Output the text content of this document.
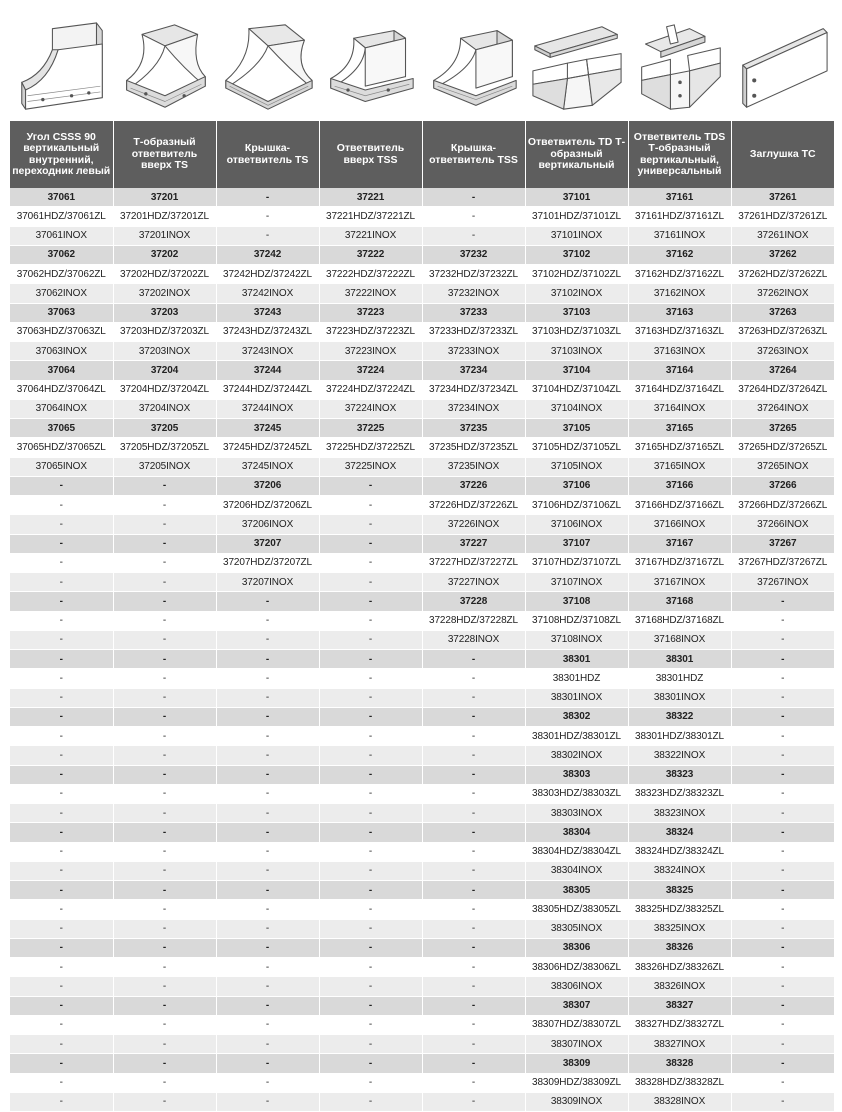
Угол CSSS 90 вертикальный внутренний, переходник левый	Т-образный ответвитель вверх TS	Крышка-ответвитель TS	Ответвитель вверх TSS	Крышка-ответвитель TSS	Ответвитель TD Т-образный вертикальный	Ответвитель TDS Т-образный вертикальный, универсальный	Заглушка TC
37061	37201	-	37221	-	37101	37161	37261
37061HDZ/37061ZL	37201HDZ/37201ZL	-	37221HDZ/37221ZL	-	37101HDZ/37101ZL	37161HDZ/37161ZL	37261HDZ/37261ZL
37061INOX	37201INOX	-	37221INOX	-	37101INOX	37161INOX	37261INOX
37062	37202	37242	37222	37232	37102	37162	37262
37062HDZ/37062ZL	37202HDZ/37202ZL	37242HDZ/37242ZL	37222HDZ/37222ZL	37232HDZ/37232ZL	37102HDZ/37102ZL	37162HDZ/37162ZL	37262HDZ/37262ZL
37062INOX	37202INOX	37242INOX	37222INOX	37232INOX	37102INOX	37162INOX	37262INOX
37063	37203	37243	37223	37233	37103	37163	37263
37063HDZ/37063ZL	37203HDZ/37203ZL	37243HDZ/37243ZL	37223HDZ/37223ZL	37233HDZ/37233ZL	37103HDZ/37103ZL	37163HDZ/37163ZL	37263HDZ/37263ZL
37063INOX	37203INOX	37243INOX	37223INOX	37233INOX	37103INOX	37163INOX	37263INOX
37064	37204	37244	37224	37234	37104	37164	37264
37064HDZ/37064ZL	37204HDZ/37204ZL	37244HDZ/37244ZL	37224HDZ/37224ZL	37234HDZ/37234ZL	37104HDZ/37104ZL	37164HDZ/37164ZL	37264HDZ/37264ZL
37064INOX	37204INOX	37244INOX	37224INOX	37234INOX	37104INOX	37164INOX	37264INOX
37065	37205	37245	37225	37235	37105	37165	37265
37065HDZ/37065ZL	37205HDZ/37205ZL	37245HDZ/37245ZL	37225HDZ/37225ZL	37235HDZ/37235ZL	37105HDZ/37105ZL	37165HDZ/37165ZL	37265HDZ/37265ZL
37065INOX	37205INOX	37245INOX	37225INOX	37235INOX	37105INOX	37165INOX	37265INOX
-	-	37206	-	37226	37106	37166	37266
-	-	37206HDZ/37206ZL	-	37226HDZ/37226ZL	37106HDZ/37106ZL	37166HDZ/37166ZL	37266HDZ/37266ZL
-	-	37206INOX	-	37226INOX	37106INOX	37166INOX	37266INOX
-	-	37207	-	37227	37107	37167	37267
-	-	37207HDZ/37207ZL	-	37227HDZ/37227ZL	37107HDZ/37107ZL	37167HDZ/37167ZL	37267HDZ/37267ZL
-	-	37207INOX	-	37227INOX	37107INOX	37167INOX	37267INOX
-	-	-	-	37228	37108	37168	-
-	-	-	-	37228HDZ/37228ZL	37108HDZ/37108ZL	37168HDZ/37168ZL	-
-	-	-	-	37228INOX	37108INOX	37168INOX	-
-	-	-	-	-	38301	38301	-
-	-	-	-	-	38301HDZ	38301HDZ	-
-	-	-	-	-	38301INOX	38301INOX	-
-	-	-	-	-	38302	38322	-
-	-	-	-	-	38301HDZ/38301ZL	38301HDZ/38301ZL	-
-	-	-	-	-	38302INOX	38322INOX	-
-	-	-	-	-	38303	38323	-
-	-	-	-	-	38303HDZ/38303ZL	38323HDZ/38323ZL	-
-	-	-	-	-	38303INOX	38323INOX	-
-	-	-	-	-	38304	38324	-
-	-	-	-	-	38304HDZ/38304ZL	38324HDZ/38324ZL	-
-	-	-	-	-	38304INOX	38324INOX	-
-	-	-	-	-	38305	38325	-
-	-	-	-	-	38305HDZ/38305ZL	38325HDZ/38325ZL	-
-	-	-	-	-	38305INOX	38325INOX	-
-	-	-	-	-	38306	38326	-
-	-	-	-	-	38306HDZ/38306ZL	38326HDZ/38326ZL	-
-	-	-	-	-	38306INOX	38326INOX	-
-	-	-	-	-	38307	38327	-
-	-	-	-	-	38307HDZ/38307ZL	38327HDZ/38327ZL	-
-	-	-	-	-	38307INOX	38327INOX	-
-	-	-	-	-	38309	38328	-
-	-	-	-	-	38309HDZ/38309ZL	38328HDZ/38328ZL	-
-	-	-	-	-	38309INOX	38328INOX	-
